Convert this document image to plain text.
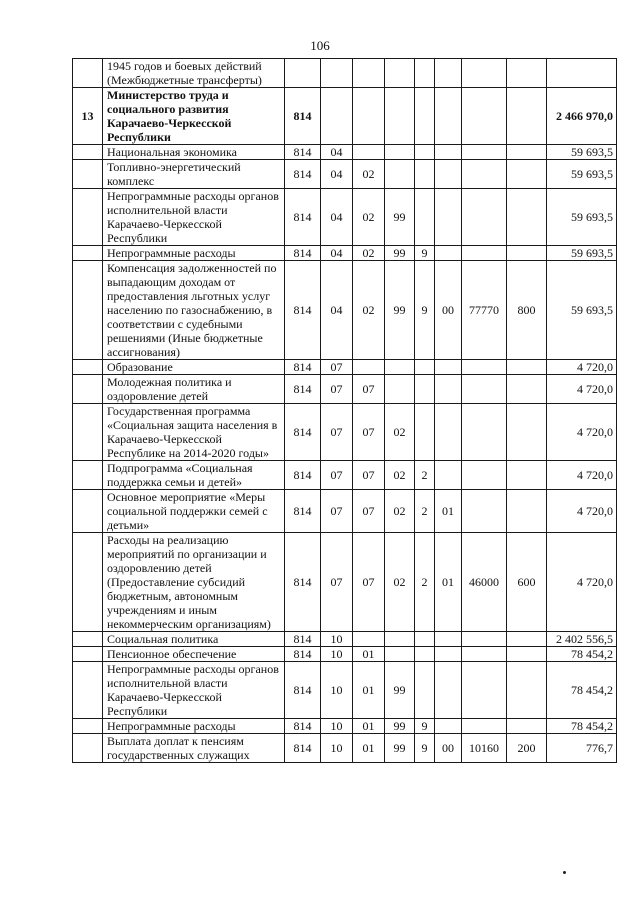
106
	1945 годов и боевых действий (Межбюджетные трансферты)									
13	Министерство труда и социального развития Карачаево-Черкесской Республики	814								2 466 970,0
	Национальная экономика	814	04							59 693,5
	Топливно-энергетический комплекс	814	04	02						59 693,5
	Непрограммные расходы органов исполнительной власти Карачаево-Черкесской Республики	814	04	02	99					59 693,5
	Непрограммные расходы	814	04	02	99	9				59 693,5
	Компенсация задолженностей по выпадающим доходам от предоставления льготных услуг населению по газоснабжению, в соответствии с судебными решениями (Иные бюджетные ассигнования)	814	04	02	99	9	00	77770	800	59 693,5
	Образование	814	07							4 720,0
	Молодежная политика и оздоровление детей	814	07	07						4 720,0
	Государственная программа «Социальная защита населения в Карачаево-Черкесской Республике на 2014-2020 годы»	814	07	07	02					4 720,0
	Подпрограмма «Социальная поддержка семьи и детей»	814	07	07	02	2				4 720,0
	Основное мероприятие «Меры социальной поддержки семей с детьми»	814	07	07	02	2	01			4 720,0
	Расходы на реализацию мероприятий по организации и оздоровлению детей (Предоставление субсидий бюджетным, автономным учреждениям и иным некоммерческим организациям)	814	07	07	02	2	01	46000	600	4 720,0
	Социальная политика	814	10							2 402 556,5
	Пенсионное обеспечение	814	10	01						78 454,2
	Непрограммные расходы органов исполнительной власти Карачаево-Черкесской Республики	814	10	01	99					78 454,2
	Непрограммные расходы	814	10	01	99	9				78 454,2
	Выплата доплат к пенсиям государственных служащих	814	10	01	99	9	00	10160	200	776,7
